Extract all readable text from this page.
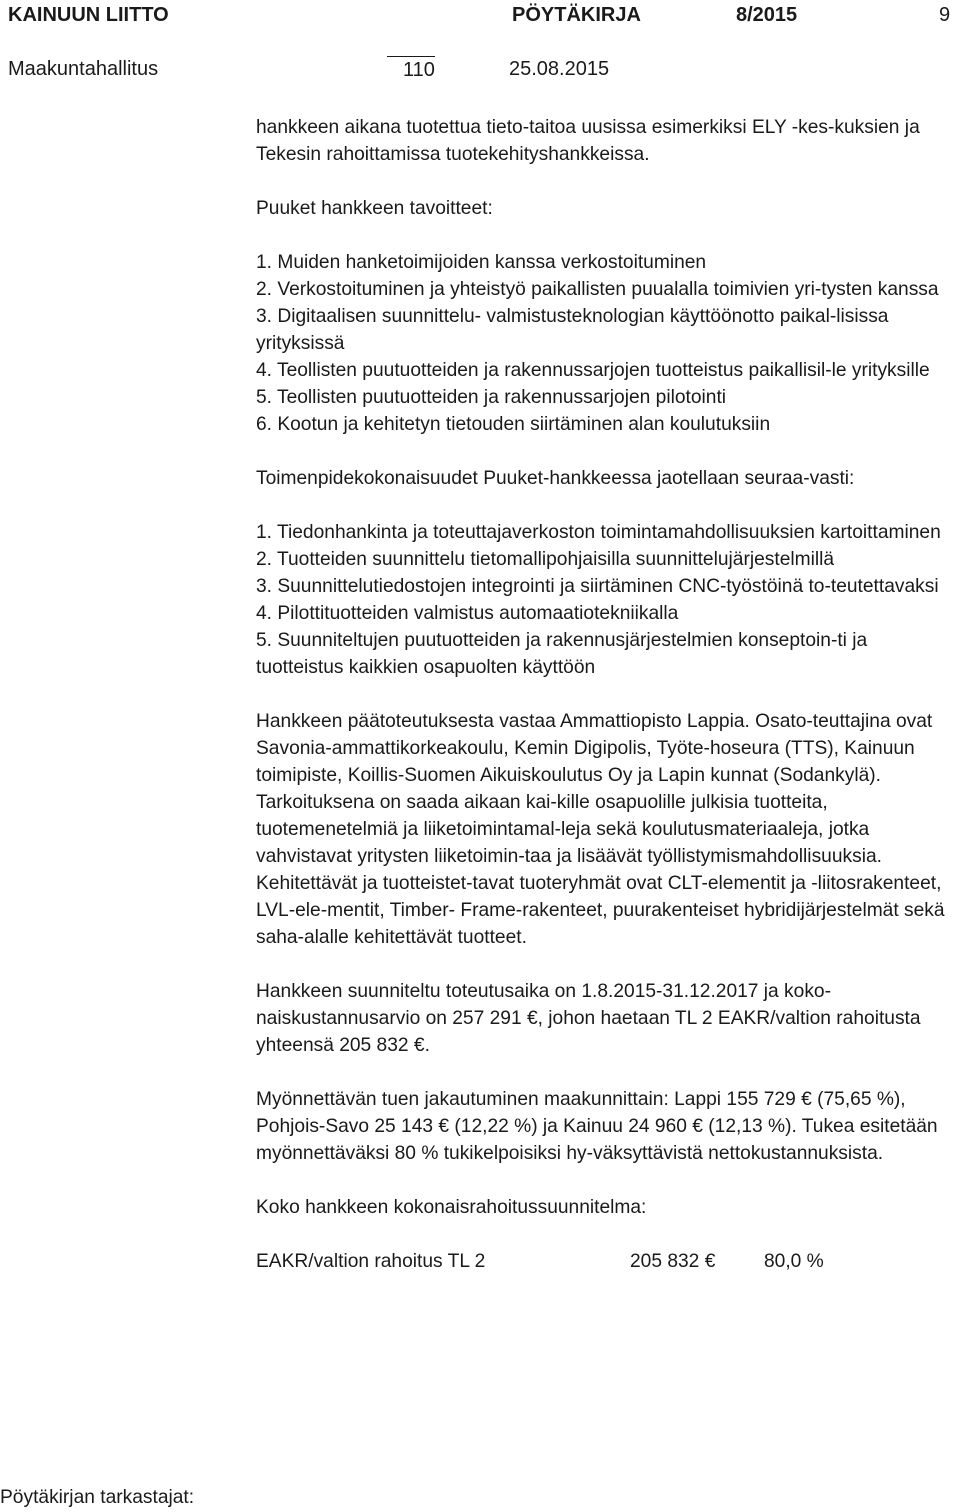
KAINUUN LIITTO	PÖYTÄKIRJA	8/2015	9
Maakuntahallitus	110	25.08.2015

hankkeen aikana tuotettua tieto-taitoa uusissa esimerkiksi ELY -kes-kuksien ja Tekesin rahoittamissa tuotekehityshankkeissa.

Puuket hankkeen tavoitteet:

1. Muiden hanketoimijoiden kanssa verkostoituminen

2. Verkostoituminen ja yhteistyö paikallisten puualalla toimivien yri-tysten kanssa

3. Digitaalisen suunnittelu- valmistusteknologian käyttöönotto paikal-lisissa yrityksissä

4. Teollisten puutuotteiden ja rakennussarjojen tuotteistus paikallisil-le yrityksille

5. Teollisten puutuotteiden ja rakennussarjojen pilotointi

6. Kootun ja kehitetyn tietouden siirtäminen alan koulutuksiin

Toimenpidekokonaisuudet Puuket-hankkeessa jaotellaan seuraa-vasti:

1. Tiedonhankinta ja toteuttajaverkoston toimintamahdollisuuksien kartoittaminen

2. Tuotteiden suunnittelu tietomallipohjaisilla suunnittelujärjestelmillä

3. Suunnittelutiedostojen integrointi ja siirtäminen CNC-työstöinä to-teutettavaksi

4. Pilottituotteiden valmistus automaatiotekniikalla

5. Suunniteltujen puutuotteiden ja rakennusjärjestelmien konseptoin-ti ja tuotteistus kaikkien osapuolten käyttöön

Hankkeen päätoteutuksesta vastaa Ammattiopisto Lappia. Osato-teuttajina ovat Savonia-ammattikorkeakoulu, Kemin Digipolis, Työte-hoseura (TTS), Kainuun toimipiste, Koillis-Suomen Aikuiskoulutus Oy ja Lapin kunnat (Sodankylä). Tarkoituksena on saada aikaan kai-kille osapuolille julkisia tuotteita, tuotemenetelmiä ja liiketoimintamal-leja sekä koulutusmateriaaleja, jotka vahvistavat yritysten liiketoimin-taa ja lisäävät työllistymismahdollisuuksia. Kehitettävät ja tuotteistet-tavat tuoteryhmät ovat CLT-elementit ja -liitosrakenteet, LVL-ele-mentit, Timber- Frame-rakenteet, puurakenteiset hybridijärjestelmät sekä saha-alalle kehitettävät tuotteet.

Hankkeen suunniteltu toteutusaika on 1.8.2015-31.12.2017 ja koko-naiskustannusarvio on 257 291 €, johon haetaan TL 2 EAKR/valtion rahoitusta yhteensä 205 832 €.

Myönnettävän tuen jakautuminen maakunnittain: Lappi 155 729 € (75,65 %), Pohjois-Savo 25 143 € (12,22 %) ja Kainuu 24 960 € (12,13 %). Tukea esitetään myönnettäväksi 80 % tukikelpoisiksi hy-väksyttävistä nettokustannuksista.

Koko hankkeen kokonaisrahoitussuunnitelma:

EAKR/valtion rahoitus TL 2	205 832 €	80,0 %
Pöytäkirjan tarkastajat:
